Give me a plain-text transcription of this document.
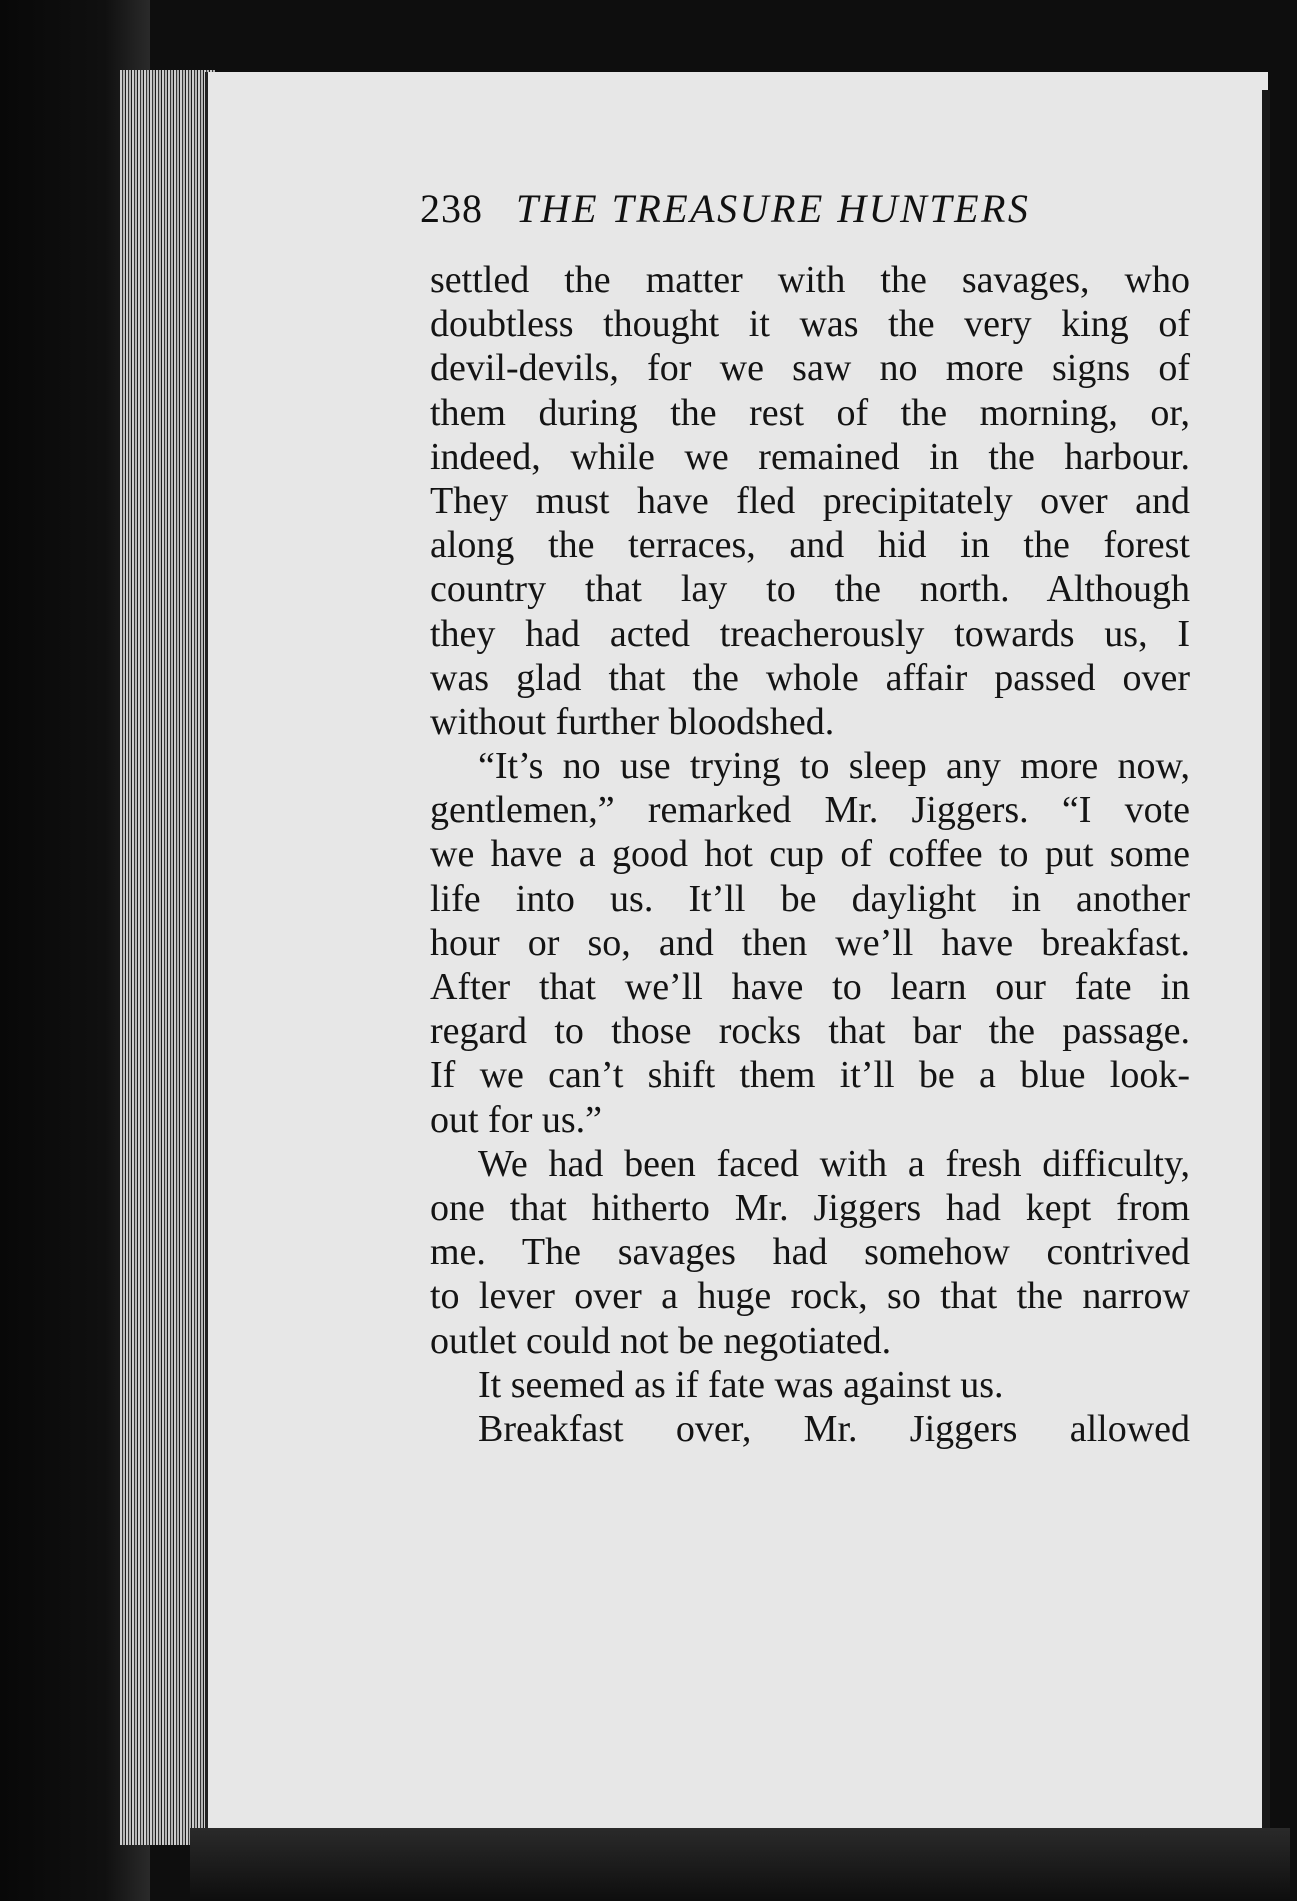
238 THE TREASURE HUNTERS
settled the matter with the savages, who
doubtless thought it was the very king of
devil-devils, for we saw no more signs of
them during the rest of the morning, or,
indeed, while we remained in the harbour.
They must have fled precipitately over and
along the terraces, and hid in the forest
country that lay to the north. Although
they had acted treacherously towards us, I
was glad that the whole affair passed over
without further bloodshed.
“It’s no use trying to sleep any more now,
gentlemen,” remarked Mr. Jiggers. “I vote
we have a good hot cup of coffee to put some
life into us. It’ll be daylight in another
hour or so, and then we’ll have breakfast.
After that we’ll have to learn our fate in
regard to those rocks that bar the passage.
If we can’t shift them it’ll be a blue look-
out for us.”
We had been faced with a fresh difficulty,
one that hitherto Mr. Jiggers had kept from
me. The savages had somehow contrived
to lever over a huge rock, so that the narrow
outlet could not be negotiated.
It seemed as if fate was against us.
Breakfast over, Mr. Jiggers allowed
